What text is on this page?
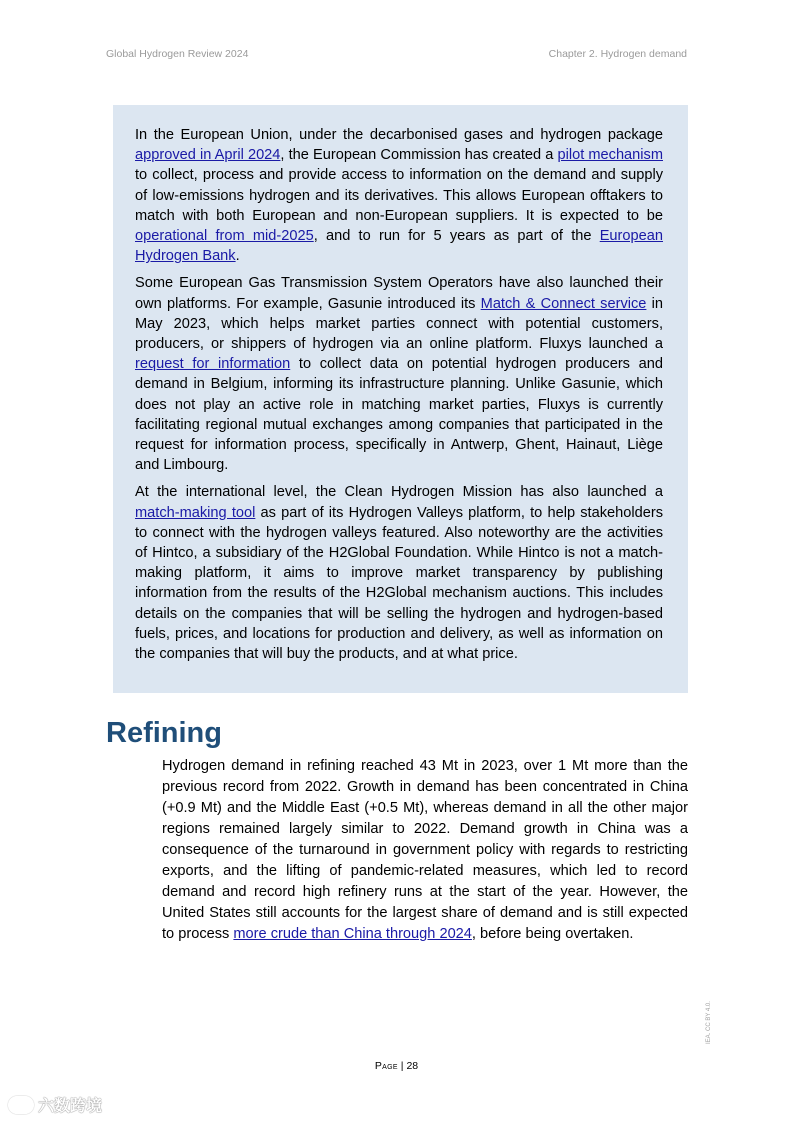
Global Hydrogen Review 2024	Chapter 2. Hydrogen demand

In the European Union, under the decarbonised gases and hydrogen package approved in April 2024, the European Commission has created a pilot mechanism to collect, process and provide access to information on the demand and supply of low-emissions hydrogen and its derivatives. This allows European offtakers to match with both European and non-European suppliers. It is expected to be operational from mid-2025, and to run for 5 years as part of the European Hydrogen Bank.

Some European Gas Transmission System Operators have also launched their own platforms. For example, Gasunie introduced its Match & Connect service in May 2023, which helps market parties connect with potential customers, producers, or shippers of hydrogen via an online platform. Fluxys launched a request for information to collect data on potential hydrogen producers and demand in Belgium, informing its infrastructure planning. Unlike Gasunie, which does not play an active role in matching market parties, Fluxys is currently facilitating regional mutual exchanges among companies that participated in the request for information process, specifically in Antwerp, Ghent, Hainaut, Liège and Limbourg.

At the international level, the Clean Hydrogen Mission has also launched a match-making tool as part of its Hydrogen Valleys platform, to help stakeholders to connect with the hydrogen valleys featured. Also noteworthy are the activities of Hintco, a subsidiary of the H2Global Foundation. While Hintco is not a match-making platform, it aims to improve market transparency by publishing information from the results of the H2Global mechanism auctions. This includes details on the companies that will be selling the hydrogen and hydrogen-based fuels, prices, and locations for production and delivery, as well as information on the companies that will buy the products, and at what price.

Refining

Hydrogen demand in refining reached 43 Mt in 2023, over 1 Mt more than the previous record from 2022. Growth in demand has been concentrated in China (+0.9 Mt) and the Middle East (+0.5 Mt), whereas demand in all the other major regions remained largely similar to 2022. Demand growth in China was a consequence of the turnaround in government policy with regards to restricting exports, and the lifting of pandemic-related measures, which led to record demand and record high refinery runs at the start of the year. However, the United States still accounts for the largest share of demand and is still expected to process more crude than China through 2024, before being overtaken.

Page | 28
IEA. CC BY 4.0.
六数跨境
